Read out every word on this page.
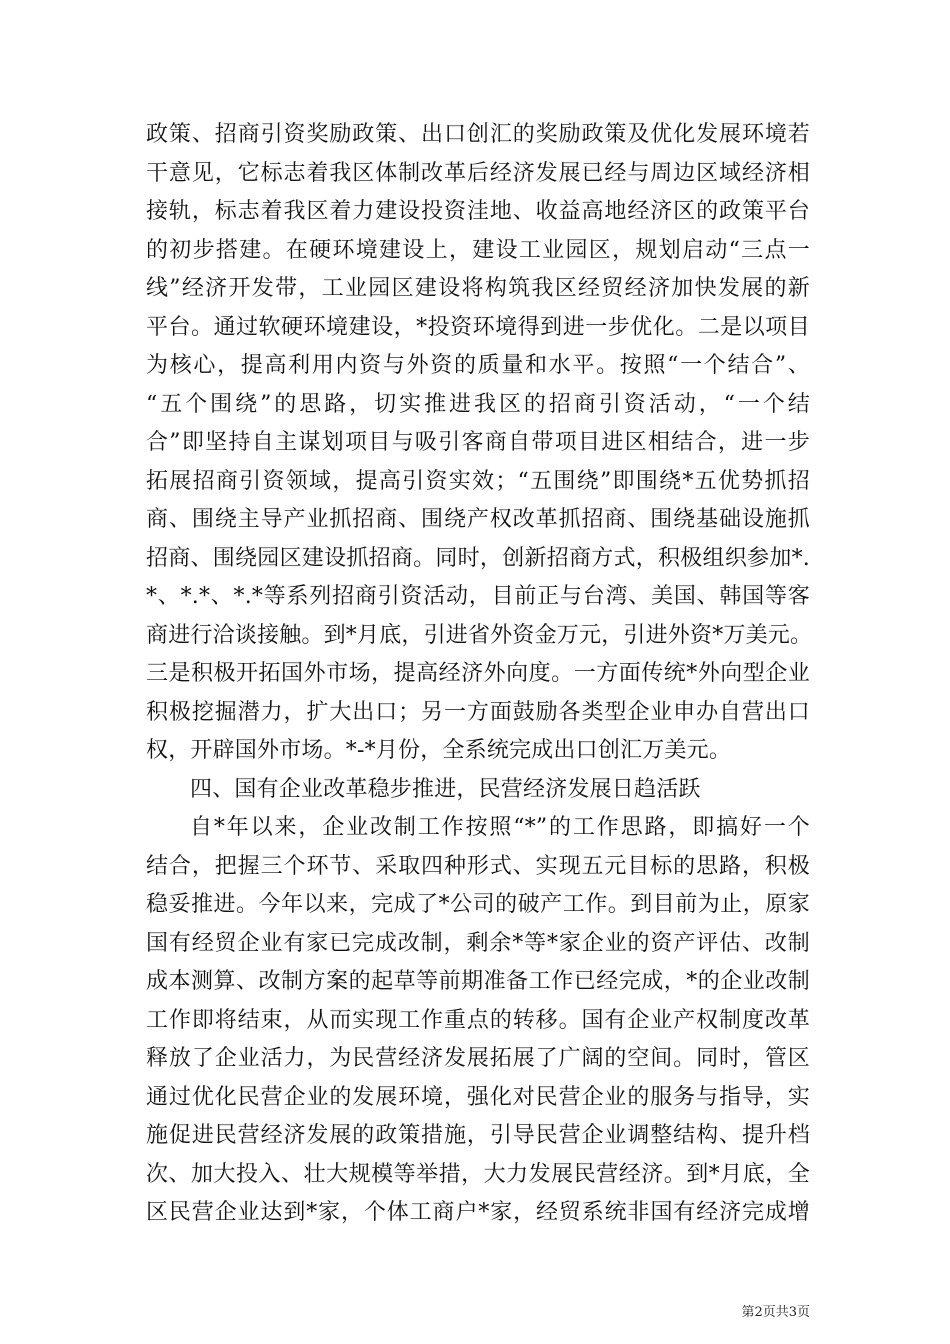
政策、招商引资奖励政策、出口创汇的奖励政策及优化发展环境若
干意见，它标志着我区体制改革后经济发展已经与周边区域经济相
接轨，标志着我区着力建设投资洼地、收益高地经济区的政策平台
的初步搭建。在硬环境建设上，建设工业园区，规划启动“三点一
线”经济开发带，工业园区建设将构筑我区经贸经济加快发展的新
平台。通过软硬环境建设，*投资环境得到进一步优化。二是以项目
为核心，提高利用内资与外资的质量和水平。按照“一个结合”、
“五个围绕”的思路，切实推进我区的招商引资活动，“一个结
合”即坚持自主谋划项目与吸引客商自带项目进区相结合，进一步
拓展招商引资领域，提高引资实效；“五围绕”即围绕*五优势抓招
商、围绕主导产业抓招商、围绕产权改革抓招商、围绕基础设施抓
招商、围绕园区建设抓招商。同时，创新招商方式，积极组织参加*.
*、*.*、*.*等系列招商引资活动，目前正与台湾、美国、韩国等客
商进行洽谈接触。到*月底，引进省外资金万元，引进外资*万美元。
三是积极开拓国外市场，提高经济外向度。一方面传统*外向型企业
积极挖掘潜力，扩大出口；另一方面鼓励各类型企业申办自营出口
权，开辟国外市场。*-*月份，全系统完成出口创汇万美元。
四、国有企业改革稳步推进，民营经济发展日趋活跃
自*年以来，企业改制工作按照“*”的工作思路，即搞好一个
结合，把握三个环节、采取四种形式、实现五元目标的思路，积极
稳妥推进。今年以来，完成了*公司的破产工作。到目前为止，原家
国有经贸企业有家已完成改制，剩余*等*家企业的资产评估、改制
成本测算、改制方案的起草等前期准备工作已经完成，*的企业改制
工作即将结束，从而实现工作重点的转移。国有企业产权制度改革
释放了企业活力，为民营经济发展拓展了广阔的空间。同时，管区
通过优化民营企业的发展环境，强化对民营企业的服务与指导，实
施促进民营经济发展的政策措施，引导民营企业调整结构、提升档
次、加大投入、壮大规模等举措，大力发展民营经济。到*月底，全
区民营企业达到*家，个体工商户*家，经贸系统非国有经济完成增
第2页共3页
